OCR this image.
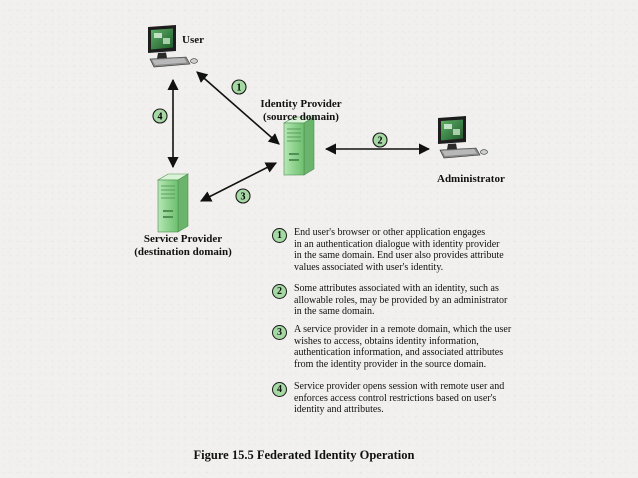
1
2
3
4
User
Identity Provider
(source domain)
Administrator
Service Provider
(destination domain)
1	End user's browser or other application engages
in an authentication dialogue with identity provider
in the same domain. End user also provides attribute
values associated with user's identity.
2	Some attributes associated with an identity, such as
allowable roles, may be provided by an administrator
in the same domain.
3	A service provider in a remote domain, which the user
wishes to access, obtains identity information,
authentication information, and associated attributes
from the identity provider in the source domain.
4	Service provider opens session with remote user and
enforces access control restrictions based on user's
identity and attributes.
Figure 15.5 Federated Identity Operation
